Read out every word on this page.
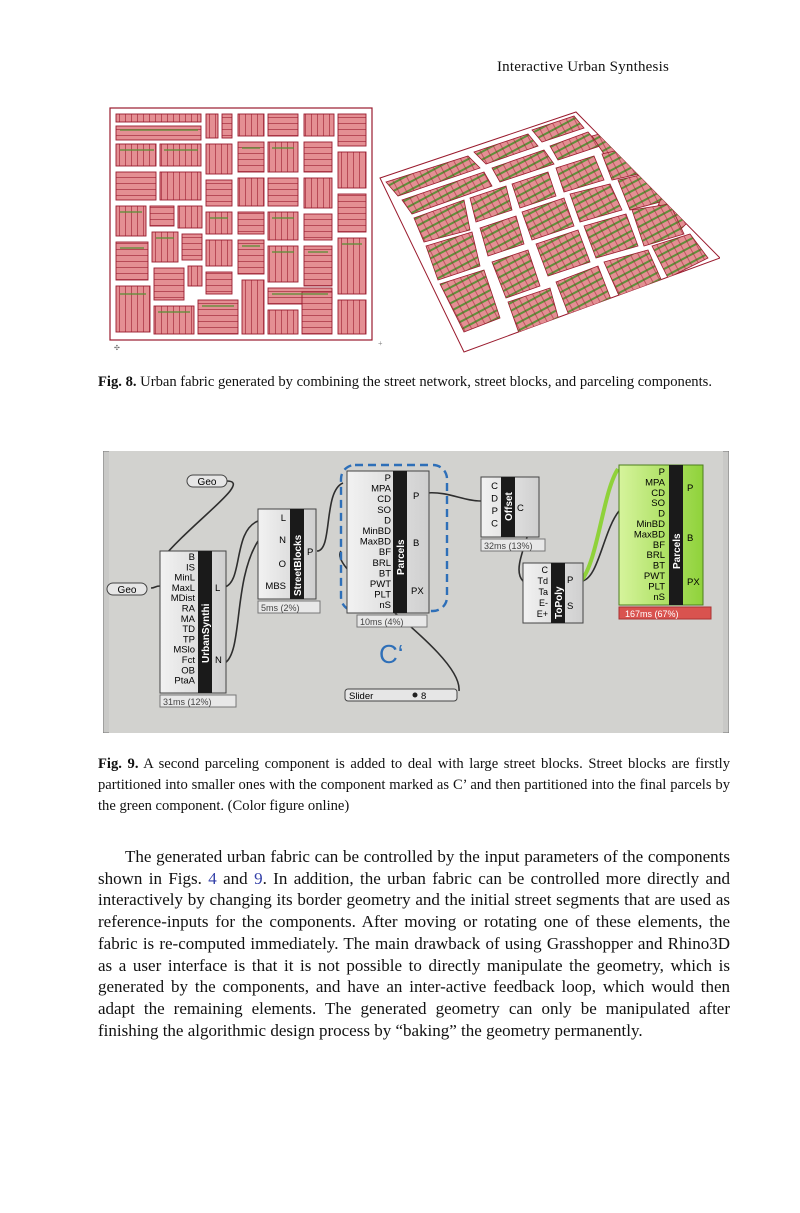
Interactive Urban Synthesis
✣	+
Fig. 8. Urban fabric generated by combining the street network, street blocks, and parceling components.
Geo
Geo
UrbanSynthi
B
IS
MinL
MaxL
MDist
RA
MA
TD
TP
MSlo
Fct
OB
PtaA
L
N
31ms (12%)
StreetBlocks
L
N
O
MBS
P
5ms (2%)
Parcels
P
MPA
CD
SO
D
MinBD
MaxBD
BF
BRL
BT
PWT
PLT
nS
P
B
PX
10ms (4%)
C‘
Slider	8
Offset
C
D
P
C
C
32ms (13%)
ToPoly
C
Td
Ta
E-
E+
P
S
Parcels
P
MPA
CD
SO
D
MinBD
MaxBD
BF
BRL
BT
PWT
PLT
nS
P
B
PX
167ms (67%)
Fig. 9. A second parceling component is added to deal with large street blocks. Street blocks are firstly partitioned into smaller ones with the component marked as C’ and then partitioned into the final parcels by the green component. (Color figure online)

The generated urban fabric can be controlled by the input parameters of the components shown in Figs. 4 and 9. In addition, the urban fabric can be controlled more directly and interactively by changing its border geometry and the initial street segments that are used as reference-inputs for the components. After moving or rotating one of these elements, the fabric is re-computed immediately. The main drawback of using Grasshopper and Rhino3D as a user interface is that it is not possible to directly manipulate the geometry, which is generated by the components, and have an inter-active feedback loop, which would then adapt the remaining elements. The generated geometry can only be manipulated after finishing the algorithmic design process by “baking” the geometry permanently.
